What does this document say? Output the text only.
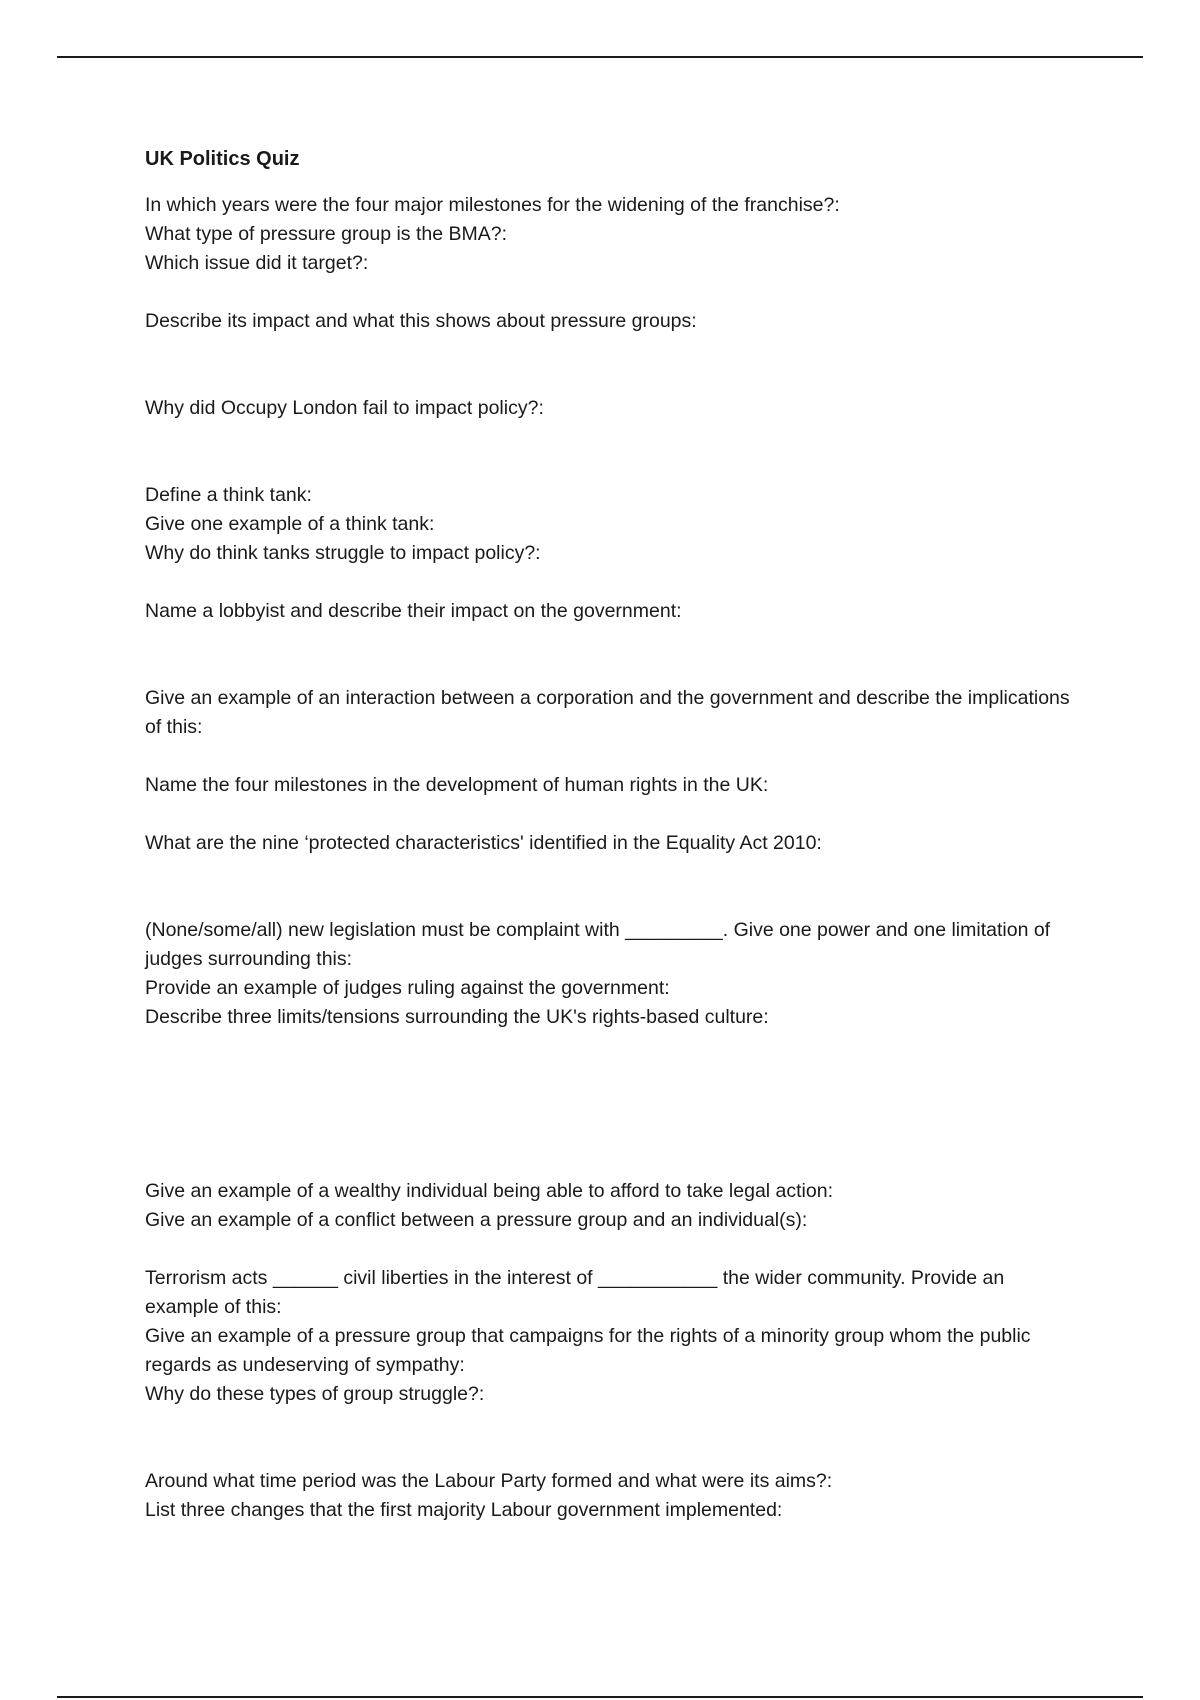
UK Politics Quiz
In which years were the four major milestones for the widening of the franchise?:
What type of pressure group is the BMA?:
Which issue did it target?:
Describe its impact and what this shows about pressure groups:
Why did Occupy London fail to impact policy?:
Define a think tank:
Give one example of a think tank:
Why do think tanks struggle to impact policy?:
Name a lobbyist and describe their impact on the government:
Give an example of an interaction between a corporation and the government and describe the implications of this:
Name the four milestones in the development of human rights in the UK:
What are the nine ‘protected characteristics' identified in the Equality Act 2010:
(None/some/all) new legislation must be complaint with _________. Give one power and one limitation of judges surrounding this:
Provide an example of judges ruling against the government:
Describe three limits/tensions surrounding the UK's rights-based culture:
Give an example of a wealthy individual being able to afford to take legal action:
Give an example of a conflict between a pressure group and an individual(s):
Terrorism acts ______ civil liberties in the interest of ___________ the wider community. Provide an example of this:
Give an example of a pressure group that campaigns for the rights of a minority group whom the public regards as undeserving of sympathy:
Why do these types of group struggle?:
Around what time period was the Labour Party formed and what were its aims?:
List three changes that the first majority Labour government implemented:
